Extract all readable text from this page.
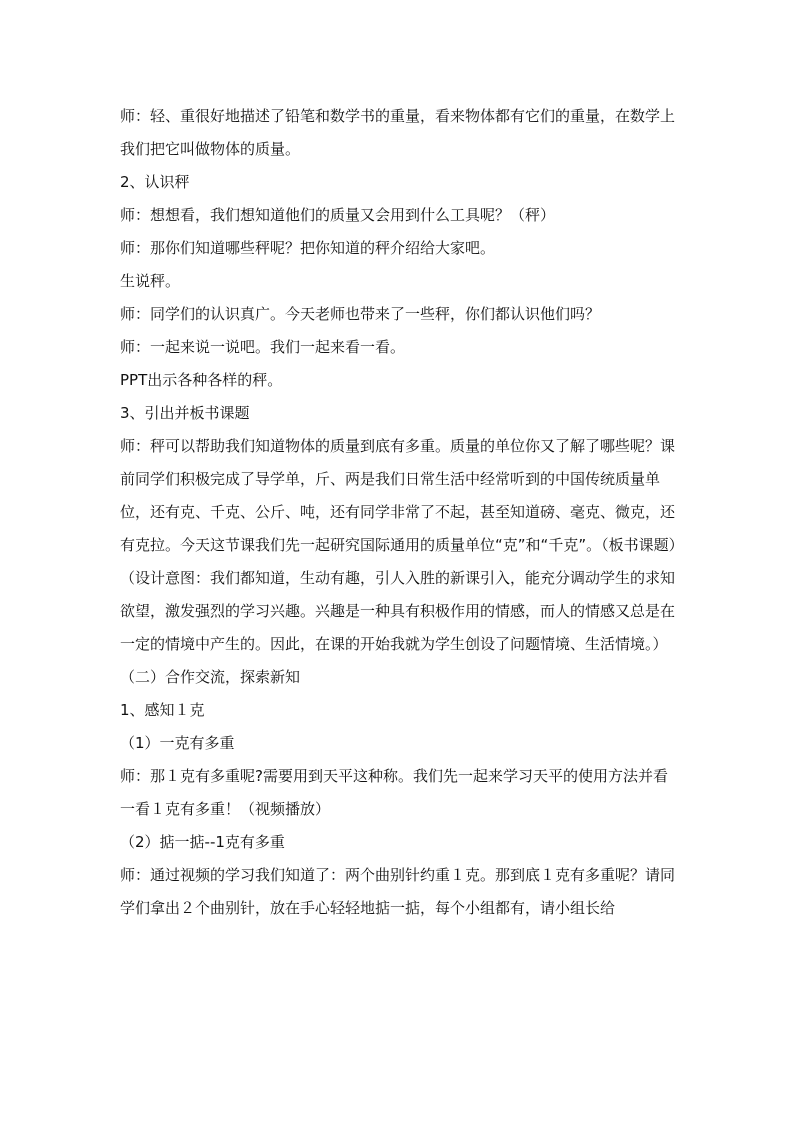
师：轻、重很好地描述了铅笔和数学书的重量，看来物体都有它们的重量，在数学上我们把它叫做物体的质量。

2、认识秤

师：想想看，我们想知道他们的质量又会用到什么工具呢？（秤）

师：那你们知道哪些秤呢？把你知道的秤介绍给大家吧。

生说秤。

师：同学们的认识真广。今天老师也带来了一些秤，你们都认识他们吗？

师：一起来说一说吧。我们一起来看一看。

PPT出示各种各样的秤。

3、引出并板书课题

师：秤可以帮助我们知道物体的质量到底有多重。质量的单位你又了解了哪些呢？课前同学们积极完成了导学单，斤、两是我们日常生活中经常听到的中国传统质量单位，还有克、千克、公斤、吨，还有同学非常了不起，甚至知道磅、毫克、微克，还有克拉。今天这节课我们先一起研究国际通用的质量单位“克”和“千克”。（板书课题）

（设计意图：我们都知道，生动有趣，引人入胜的新课引入，能充分调动学生的求知欲望，激发强烈的学习兴趣。兴趣是一种具有积极作用的情感，而人的情感又总是在一定的情境中产生的。因此，在课的开始我就为学生创设了问题情境、生活情境。）

（二）合作交流，探索新知

1、感知１克

（1）一克有多重

师：那１克有多重呢?需要用到天平这种称。我们先一起来学习天平的使用方法并看一看１克有多重！（视频播放）

（2）掂一掂--1克有多重

师：通过视频的学习我们知道了：两个曲别针约重１克。那到底１克有多重呢？请同学们拿出２个曲别针，放在手心轻轻地掂一掂，每个小组都有，请小组长给
